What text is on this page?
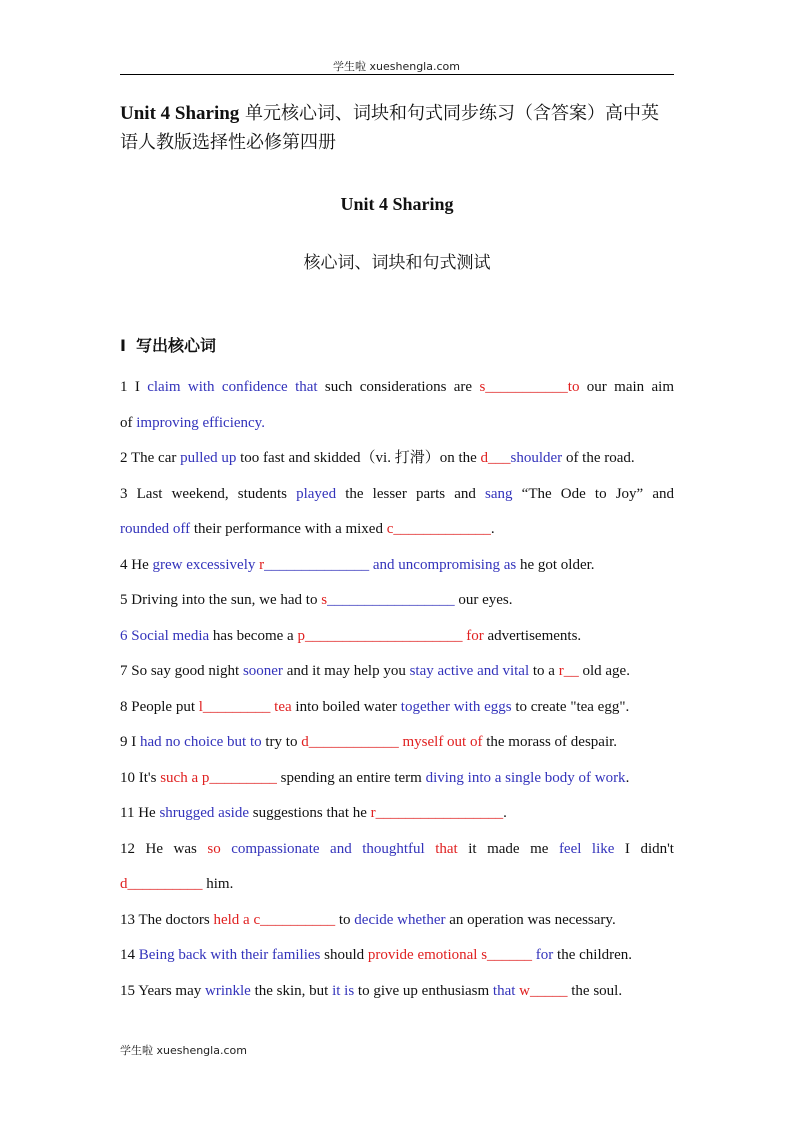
学生啦 xueshengla.com
Unit 4 Sharing 单元核心词、词块和句式同步练习（含答案）高中英语人教版选择性必修第四册
Unit 4 Sharing
核心词、词块和句式测试
I 写出核心词
1 I claim with confidence that such considerations are s___________to our main aim
of improving efficiency.
2 The car pulled up too fast and skidded（vi. 打滑）on the d___shoulder of the road.
3 Last weekend, students played the lesser parts and sang “The Ode to Joy” and
rounded off their performance with a mixed c_____________.
4 He grew excessively r______________ and uncompromising as he got older.
5 Driving into the sun, we had to s_________________ our eyes.
6 Social media has become a p_____________________ for advertisements.
7 So say good night sooner and it may help you stay active and vital to a r__ old age.
8 People put l_________ tea into boiled water together with eggs to create "tea egg".
9 I had no choice but to try to d____________ myself out of the morass of despair.
10 It's such a p_________ spending an entire term diving into a single body of work.
11 He shrugged aside suggestions that he r_________________.
12 He was so compassionate and thoughtful that it made me feel like I didn't
d__________ him.
13 The doctors held a c__________ to decide whether an operation was necessary.
14 Being back with their families should provide emotional s______ for the children.
15 Years may wrinkle the skin, but it is to give up enthusiasm that w_____ the soul.
学生啦 xueshengla.com
